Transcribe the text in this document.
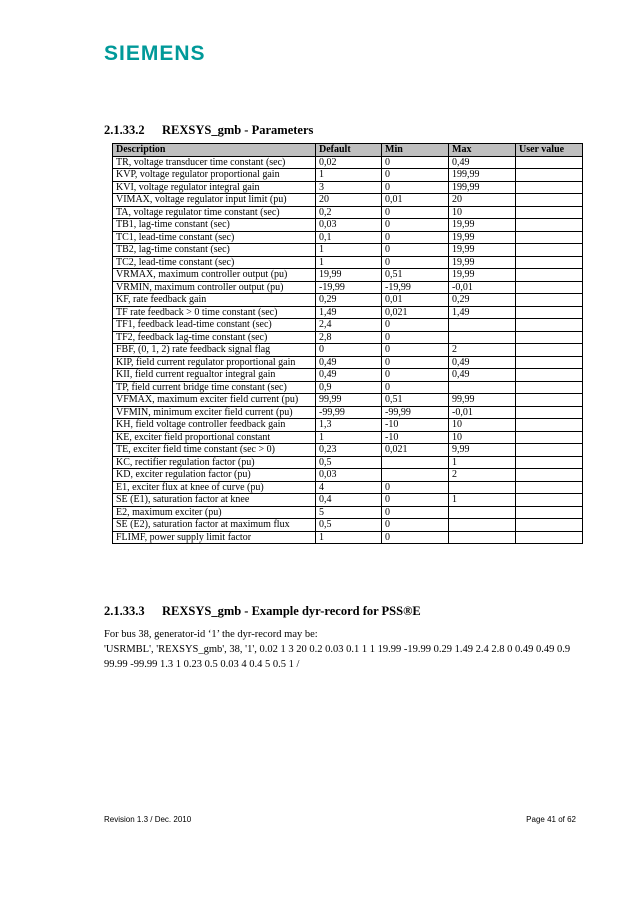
SIEMENS
2.1.33.2 REXSYS_gmb - Parameters
Description	Default	Min	Max	User value
TR, voltage transducer time constant (sec)	0,02	0	0,49	
KVP, voltage regulator proportional gain	1	0	199,99	
KVI, voltage regulator integral gain	3	0	199,99	
VIMAX, voltage regulator input limit (pu)	20	0,01	20	
TA, voltage regulator time constant (sec)	0,2	0	10	
TB1, lag-time constant (sec)	0,03	0	19,99	
TC1, lead-time constant (sec)	0,1	0	19,99	
TB2, lag-time constant (sec)	1	0	19,99	
TC2, lead-time constant (sec)	1	0	19,99	
VRMAX, maximum controller output (pu)	19,99	0,51	19,99	
VRMIN, maximum controller output (pu)	-19,99	-19,99	-0,01	
KF, rate feedback gain	0,29	0,01	0,29	
TF rate feedback > 0 time constant (sec)	1,49	0,021	1,49	
TF1, feedback lead-time constant (sec)	2,4	0		
TF2, feedback lag-time constant (sec)	2,8	0		
FBF, (0, 1, 2) rate feedback signal flag	0	0	2	
KIP, field current regulator proportional gain	0,49	0	0,49	
KII, field current regualtor integral gain	0,49	0	0,49	
TP, field current bridge time constant (sec)	0,9	0		
VFMAX, maximum exciter field current (pu)	99,99	0,51	99,99	
VFMIN, minimum exciter field current (pu)	-99,99	-99,99	-0,01	
KH, field voltage controller feedback gain	1,3	-10	10	
KE, exciter field proportional constant	1	-10	10	
TE, exciter field time constant (sec > 0)	0,23	0,021	9,99	
KC, rectifier regulation factor (pu)	0,5		1	
KD, exciter regulation factor (pu)	0,03		2	
E1, exciter flux at knee of curve (pu)	4	0		
SE (E1), saturation factor at knee	0,4	0	1	
E2, maximum exciter (pu)	5	0		
SE (E2), saturation factor at maximum flux	0,5	0		
FLIMF, power supply limit factor	1	0		
2.1.33.3 REXSYS_gmb - Example dyr-record for PSS®E

For bus 38, generator-id ‘1’ the dyr-record may be:

'USRMBL', 'REXSYS_gmb', 38, '1', 0.02 1 3 20 0.2 0.03 0.1 1 1 19.99 -19.99 0.29 1.49 2.4 2.8 0 0.49 0.49 0.9 99.99 -99.99 1.3 1 0.23 0.5 0.03 4 0.4 5 0.5 1 /

Revision 1.3 / Dec. 2010	Page 41 of 62
